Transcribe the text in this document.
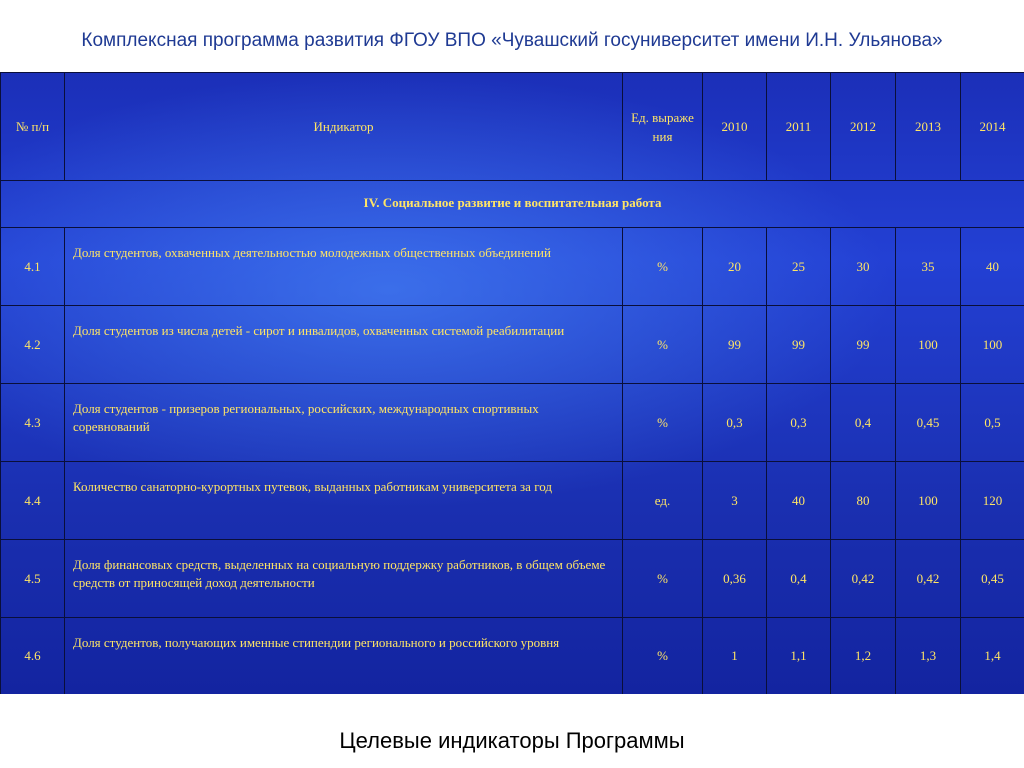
Комплексная программа развития ФГОУ ВПО «Чувашский госуниверситет имени И.Н. Ульянова»
№ п/п	Индикатор	Ед. выраже ния	2010	2011	2012	2013	2014
IV. Социальное развитие и воспитательная работа							
4.1	Доля студентов, охваченных деятельностью молодежных общественных объединений	%	20	25	30	35	40
4.2	Доля студентов из числа детей - сирот и инвалидов, охваченных системой реабилитации	%	99	99	99	100	100
4.3	Доля студентов - призеров региональных, российских, международных спортивных соревнований	%	0,3	0,3	0,4	0,45	0,5
4.4	Количество санаторно-курортных путевок, выданных работникам университета за год	ед.	3	40	80	100	120
4.5	Доля финансовых средств, выделенных на социальную поддержку работников, в общем объеме средств от приносящей доход деятельности	%	0,36	0,4	0,42	0,42	0,45
4.6	Доля студентов, получающих именные стипендии регионального и российского уровня	%	1	1,1	1,2	1,3	1,4
Целевые индикаторы Программы
